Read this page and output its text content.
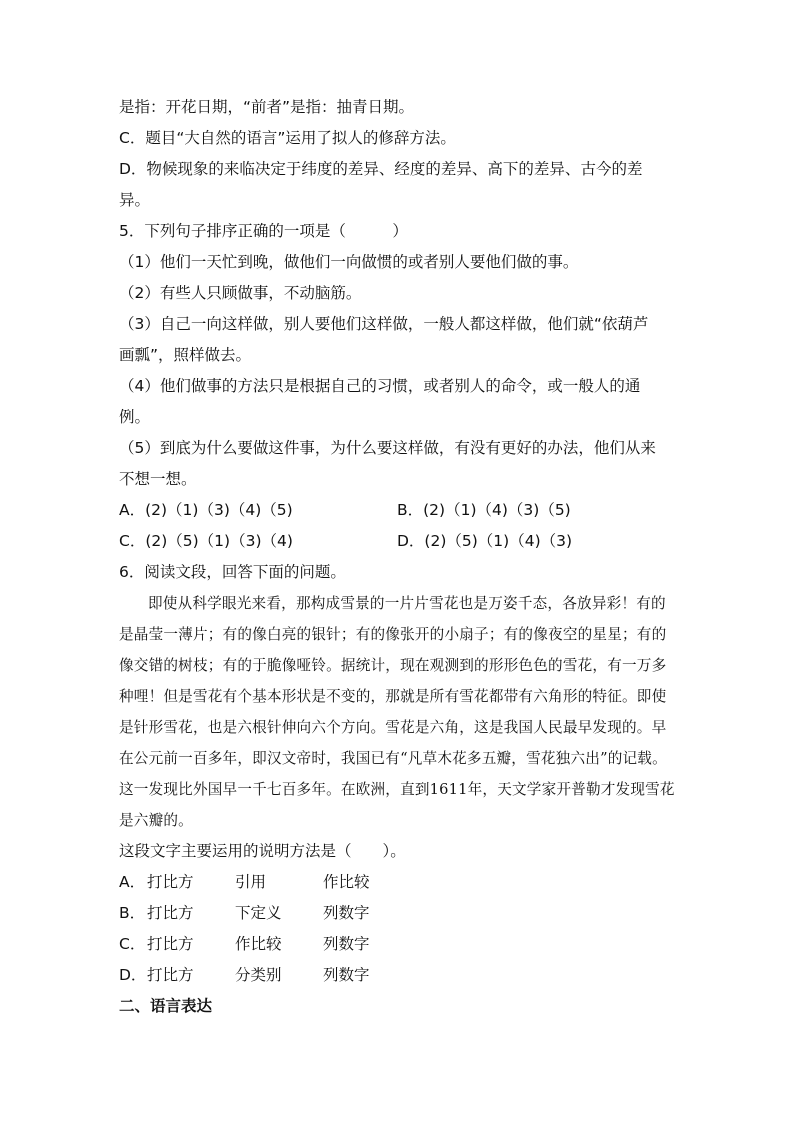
是指：开花日期，“前者”是指：抽青日期。
C．题目“大自然的语言”运用了拟人的修辞方法。
D．物候现象的来临决定于纬度的差异、经度的差异、高下的差异、古今的差
异。
5．下列句子排序正确的一项是（　　　）
（1）他们一天忙到晚，做他们一向做惯的或者别人要他们做的事。
（2）有些人只顾做事，不动脑筋。
（3）自己一向这样做，别人要他们这样做，一般人都这样做，他们就“依葫芦
画瓢”，照样做去。
（4）他们做事的方法只是根据自己的习惯，或者别人的命令，或一般人的通
例。
（5）到底为什么要做这件事，为什么要这样做，有没有更好的办法，他们从来
不想一想。
A．(2)（1)（3)（4)（5)	B．(2)（1)（4)（3)（5)
C．(2)（5)（1)（3)（4)	D．(2)（5)（1)（4)（3)
6．阅读文段，回答下面的问题。

即使从科学眼光来看，那构成雪景的一片片雪花也是万姿千态，各放异彩！有的是晶莹一薄片；有的像白亮的银针；有的像张开的小扇子；有的像夜空的星星；有的像交错的树枝；有的于脆像哑铃。据统计，现在观测到的形形色色的雪花，有一万多种哩！但是雪花有个基本形状是不变的，那就是所有雪花都带有六角形的特征。即使是针形雪花，也是六根针伸向六个方向。雪花是六角，这是我国人民最早发现的。早在公元前一百多年，即汉文帝时，我国已有“凡草木花多五瓣，雪花独六出”的记载。这一发现比外国早一千七百多年。在欧洲，直到1611年，天文学家开普勒才发现雪花是六瓣的。

这段文字主要运用的说明方法是（　　）。
A． 打比方	引用	作比较
B． 打比方	下定义	列数字
C． 打比方	作比较	列数字
D． 打比方	分类别	列数字
二、语言表达
